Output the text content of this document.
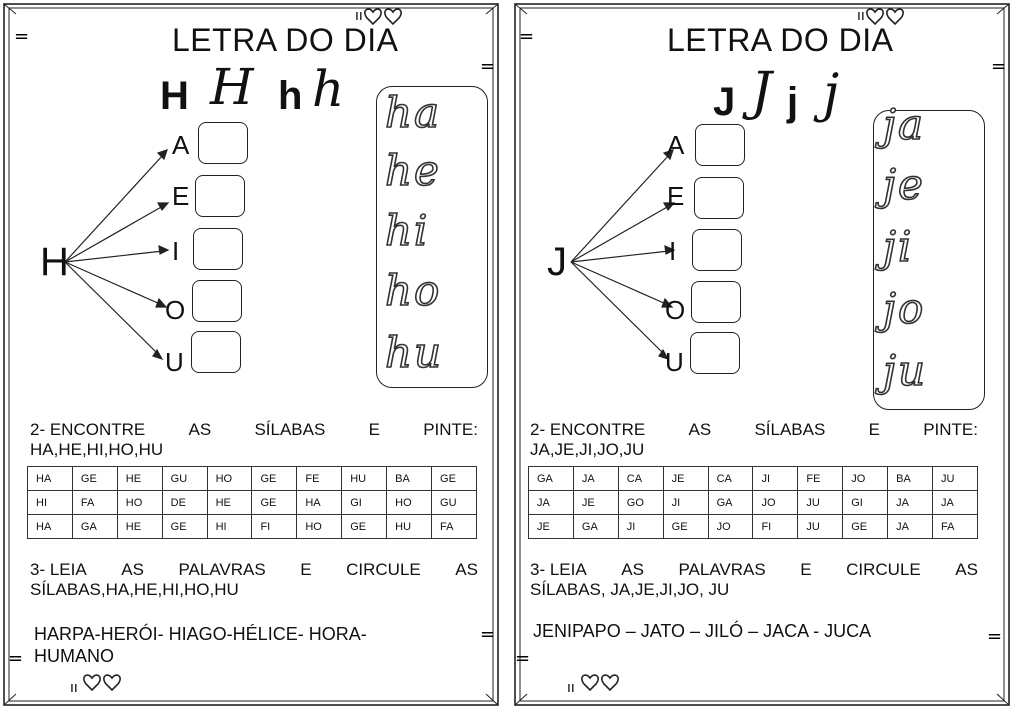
=
=
=
=
ıı
ıı
LETRA DO DIA
H H h h
H
A
E
I
O
U
ha
he
hi
ho
hu
2- ENCONTRE	AS	SÍLABAS	E	PINTE:
HA,HE,HI,HO,HU
HA	GE	HE	GU	HO	GE	FE	HU	BA	GE
HI	FA	HO	DE	HE	GE	HA	GI	HO	GU
HA	GA	HE	GE	HI	FI	HO	GE	HU	FA
3- LEIA AS PALAVRAS E CIRCULE AS
SÍLABAS,HA,HE,HI,HO,HU
HARPA-HERÓI- HIAGO-HÉLICE- HORA-
HUMANO
=
=
=
=
ıı
ıı
LETRA DO DIA
J J j j
J
A
E
I
O
U
ja
je
ji
jo
ju
2- ENCONTRE	AS	SÍLABAS	E	PINTE:
JA,JE,JI,JO,JU
GA	JA	CA	JE	CA	JI	FE	JO	BA	JU
JA	JE	GO	JI	GA	JO	JU	GI	JA	JA
JE	GA	JI	GE	JO	FI	JU	GE	JA	FA
3- LEIA AS PALAVRAS E CIRCULE AS
SÍLABAS, JA,JE,JI,JO, JU
JENIPAPO – JATO – JILÓ – JACA - JUCA
